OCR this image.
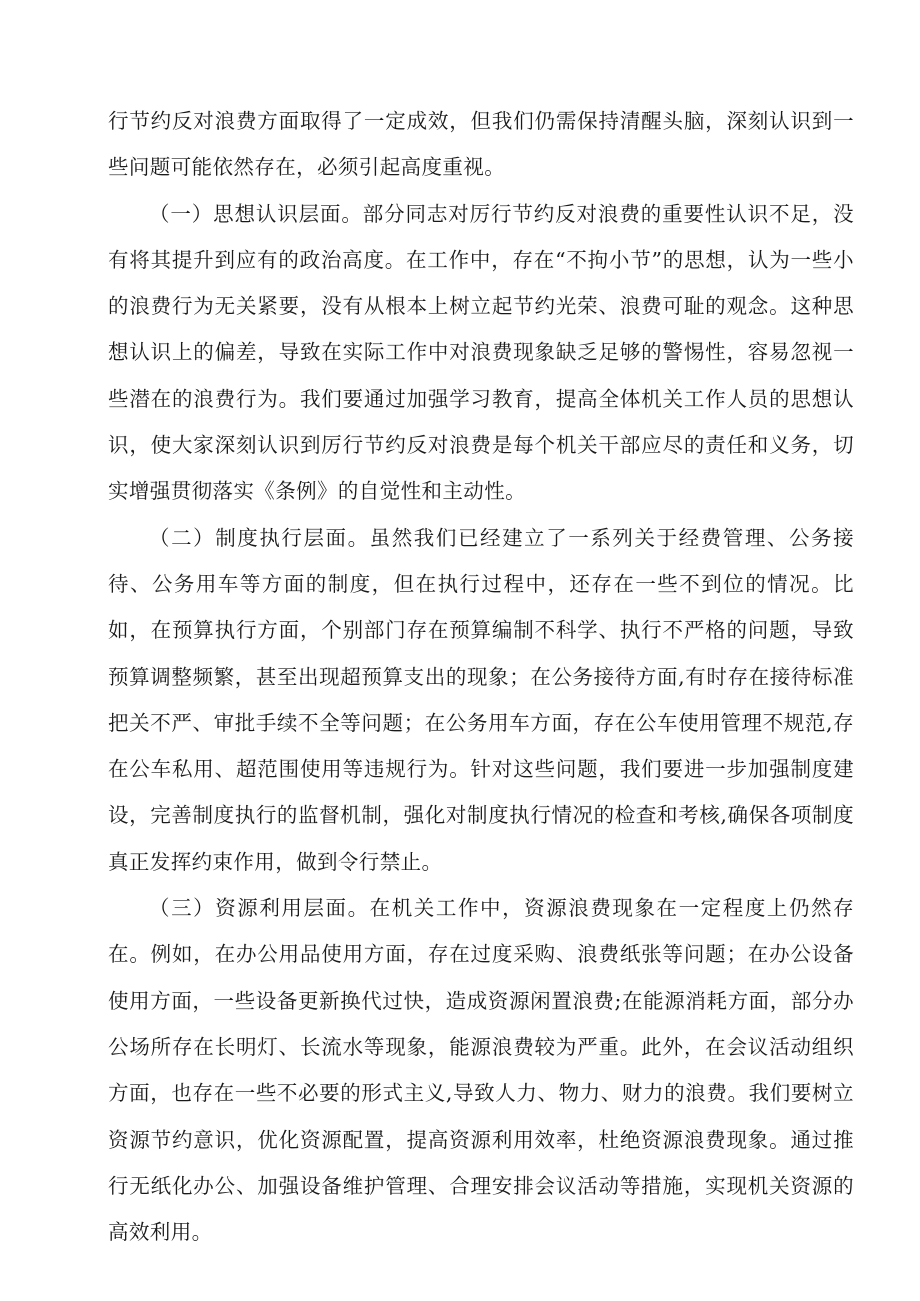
行节约反对浪费方面取得了一定成效，但我们仍需保持清醒头脑，深刻认识到一些问题可能依然存在，必须引起高度重视。

（一）思想认识层面。部分同志对厉行节约反对浪费的重要性认识不足，没有将其提升到应有的政治高度。在工作中，存在“不拘小节”的思想，认为一些小的浪费行为无关紧要，没有从根本上树立起节约光荣、浪费可耻的观念。这种思想认识上的偏差，导致在实际工作中对浪费现象缺乏足够的警惕性，容易忽视一些潜在的浪费行为。我们要通过加强学习教育，提高全体机关工作人员的思想认识，使大家深刻认识到厉行节约反对浪费是每个机关干部应尽的责任和义务，切实增强贯彻落实《条例》的自觉性和主动性。

（二）制度执行层面。虽然我们已经建立了一系列关于经费管理、公务接待、公务用车等方面的制度，但在执行过程中，还存在一些不到位的情况。比如，在预算执行方面，个别部门存在预算编制不科学、执行不严格的问题，导致预算调整频繁，甚至出现超预算支出的现象；在公务接待方面,有时存在接待标准把关不严、审批手续不全等问题；在公务用车方面，存在公车使用管理不规范,存在公车私用、超范围使用等违规行为。针对这些问题，我们要进一步加强制度建设，完善制度执行的监督机制，强化对制度执行情况的检查和考核,确保各项制度真正发挥约束作用，做到令行禁止。

（三）资源利用层面。在机关工作中，资源浪费现象在一定程度上仍然存在。例如，在办公用品使用方面，存在过度采购、浪费纸张等问题；在办公设备使用方面，一些设备更新换代过快，造成资源闲置浪费;在能源消耗方面，部分办公场所存在长明灯、长流水等现象，能源浪费较为严重。此外，在会议活动组织方面，也存在一些不必要的形式主义,导致人力、物力、财力的浪费。我们要树立资源节约意识，优化资源配置，提高资源利用效率，杜绝资源浪费现象。通过推行无纸化办公、加强设备维护管理、合理安排会议活动等措施，实现机关资源的高效利用。
